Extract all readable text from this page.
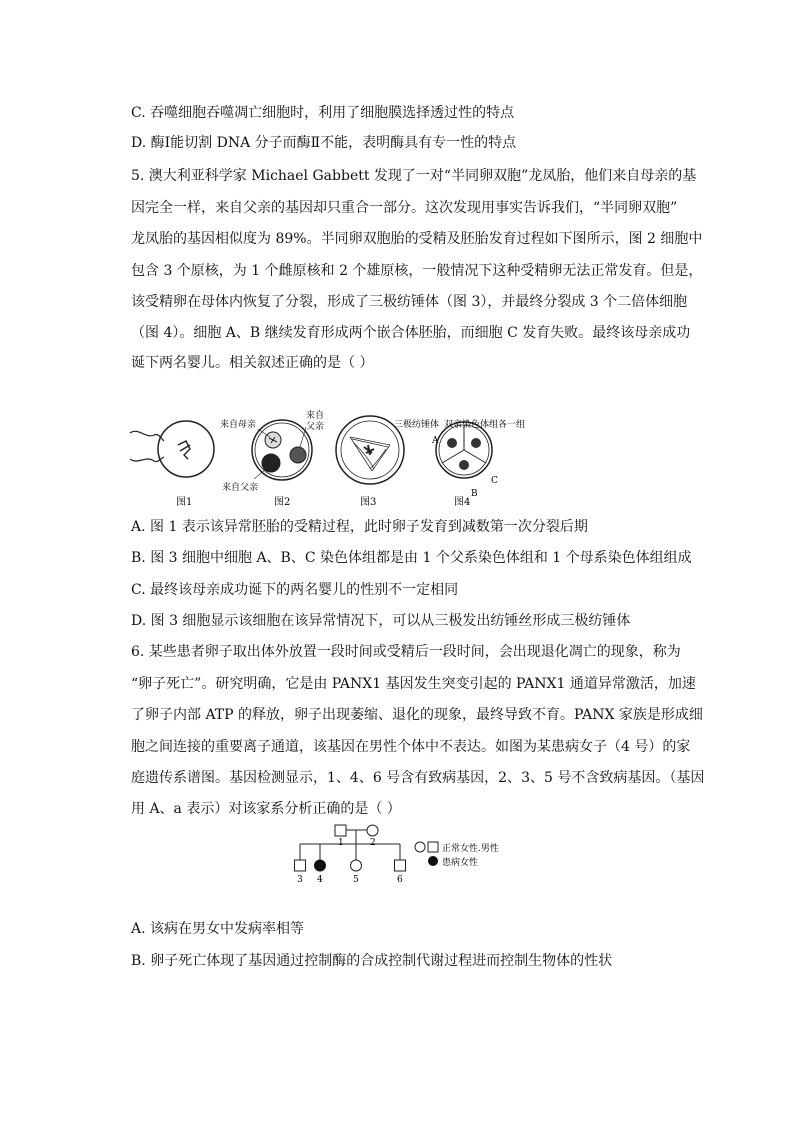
C. 吞噬细胞吞噬凋亡细胞时，利用了细胞膜选择透过性的特点
D. 酶Ⅰ能切割 DNA 分子而酶Ⅱ不能，表明酶具有专一性的特点
5. 澳大利亚科学家 Michael Gabbett 发现了一对“半同卵双胞”龙凤胎，他们来自母亲的基
因完全一样，来自父亲的基因却只重合一部分。这次发现用事实告诉我们，“半同卵双胞”
龙凤胎的基因相似度为 89%。半同卵双胞胎的受精及胚胎发育过程如下图所示，图 2 细胞中
包含 3 个原核，为 1 个雌原核和 2 个雄原核，一般情况下这种受精卵无法正常发育。但是，
该受精卵在母体内恢复了分裂，形成了三极纺锤体（图 3），并最终分裂成 3 个二倍体细胞
（图 4）。细胞 A、B 继续发育形成两个嵌合体胚胎，而细胞 C 发育失败。最终该母亲成功
诞下两名婴儿。相关叙述正确的是（ ）
图1
来自母亲
来自
父亲
来自父亲
图2	图3
A
B
C
三极纺锤体 双亲染色体组各一组
图4
A. 图 1 表示该异常胚胎的受精过程，此时卵子发育到减数第一次分裂后期
B. 图 3 细胞中细胞 A、B、C 染色体组都是由 1 个父系染色体组和 1 个母系染色体组组成
C. 最终该母亲成功诞下的两名婴儿的性别不一定相同
D. 图 3 细胞显示该细胞在该异常情况下，可以从三极发出纺锤丝形成三极纺锤体
6. 某些患者卵子取出体外放置一段时间或受精后一段时间，会出现退化凋亡的现象，称为
“卵子死亡”。研究明确，它是由 PANX1 基因发生突变引起的 PANX1 通道异常激活，加速
了卵子内部 ATP 的释放，卵子出现萎缩、退化的现象，最终导致不育。PANX 家族是形成细
胞之间连接的重要离子通道，该基因在男性个体中不表达。如图为某患病女子（4 号）的家
庭遗传系谱图。基因检测显示，1、4、6 号含有致病基因，2、3、5 号不含致病基因。（基因
用 A、a 表示）对该家系分析正确的是（ ）
1	2
3 4	5	6
正常女性.男性
患病女性
A. 该病在男女中发病率相等
B. 卵子死亡体现了基因通过控制酶的合成控制代谢过程进而控制生物体的性状
